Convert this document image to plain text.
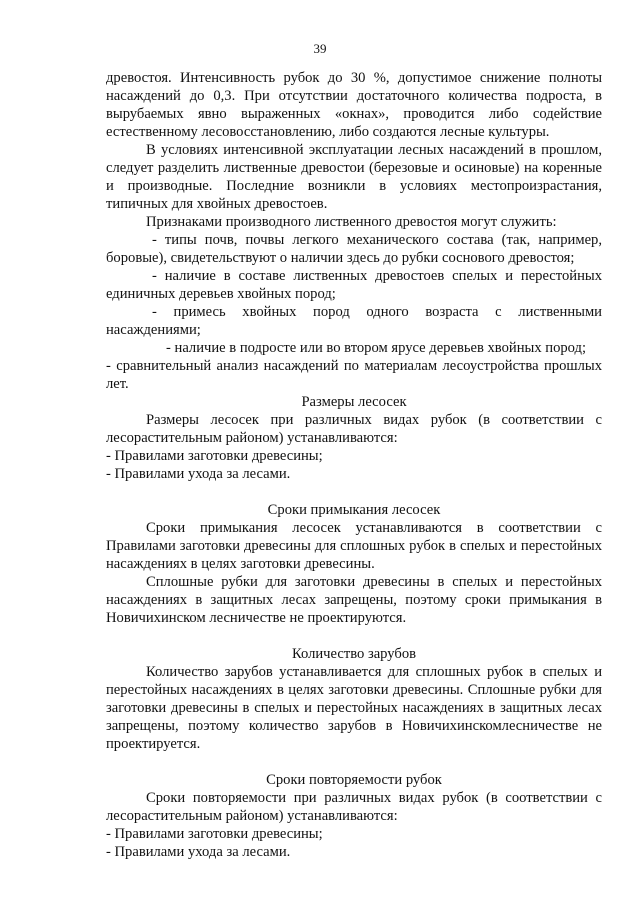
39

древостоя. Интенсивность рубок до 30 %, допустимое снижение полноты насаждений до 0,3. При отсутствии достаточного количества подроста, в вырубаемых явно выраженных «окнах», проводится либо содействие естественному лесовосстановлению, либо создаются лесные культуры.

В условиях интенсивной эксплуатации лесных насаждений в прошлом, следует разделить лиственные древостои (березовые и осиновые) на коренные и производные. Последние возникли в условиях местопроизрастания, типичных для хвойных древостоев.

Признаками производного лиственного древостоя могут служить:

- типы почв, почвы легкого механического состава (так, например, боровые), свидетельствуют о наличии здесь до рубки соснового древостоя;

- наличие в составе лиственных древостоев спелых и перестойных единичных деревьев хвойных пород;

- примесь хвойных пород одного возраста с лиственными насаждениями;

- наличие в подросте или во втором ярусе деревьев хвойных пород;

- сравнительный анализ насаждений по материалам лесоустройства прошлых лет.

Размеры лесосек

Размеры лесосек при различных видах рубок (в соответствии с лесорастительным районом) устанавливаются:

- Правилами заготовки древесины;

- Правилами ухода за лесами.

Сроки примыкания лесосек

Сроки примыкания лесосек устанавливаются в соответствии с Правилами заготовки древесины для сплошных рубок в спелых и перестойных насаждениях в целях заготовки древесины.

Сплошные рубки для заготовки древесины в спелых и перестойных насаждениях в защитных лесах запрещены, поэтому сроки примыкания в Новичихинском лесничестве не проектируются.

Количество зарубов

Количество зарубов устанавливается для сплошных рубок в спелых и перестойных насаждениях в целях заготовки древесины. Сплошные рубки для заготовки древесины в спелых и перестойных насаждениях в защитных лесах запрещены, поэтому количество зарубов в Новичихинскомлесничестве не проектируется.

Сроки повторяемости рубок

Сроки повторяемости при различных видах рубок (в соответствии с лесорастительным районом) устанавливаются:

- Правилами заготовки древесины;

- Правилами ухода за лесами.
